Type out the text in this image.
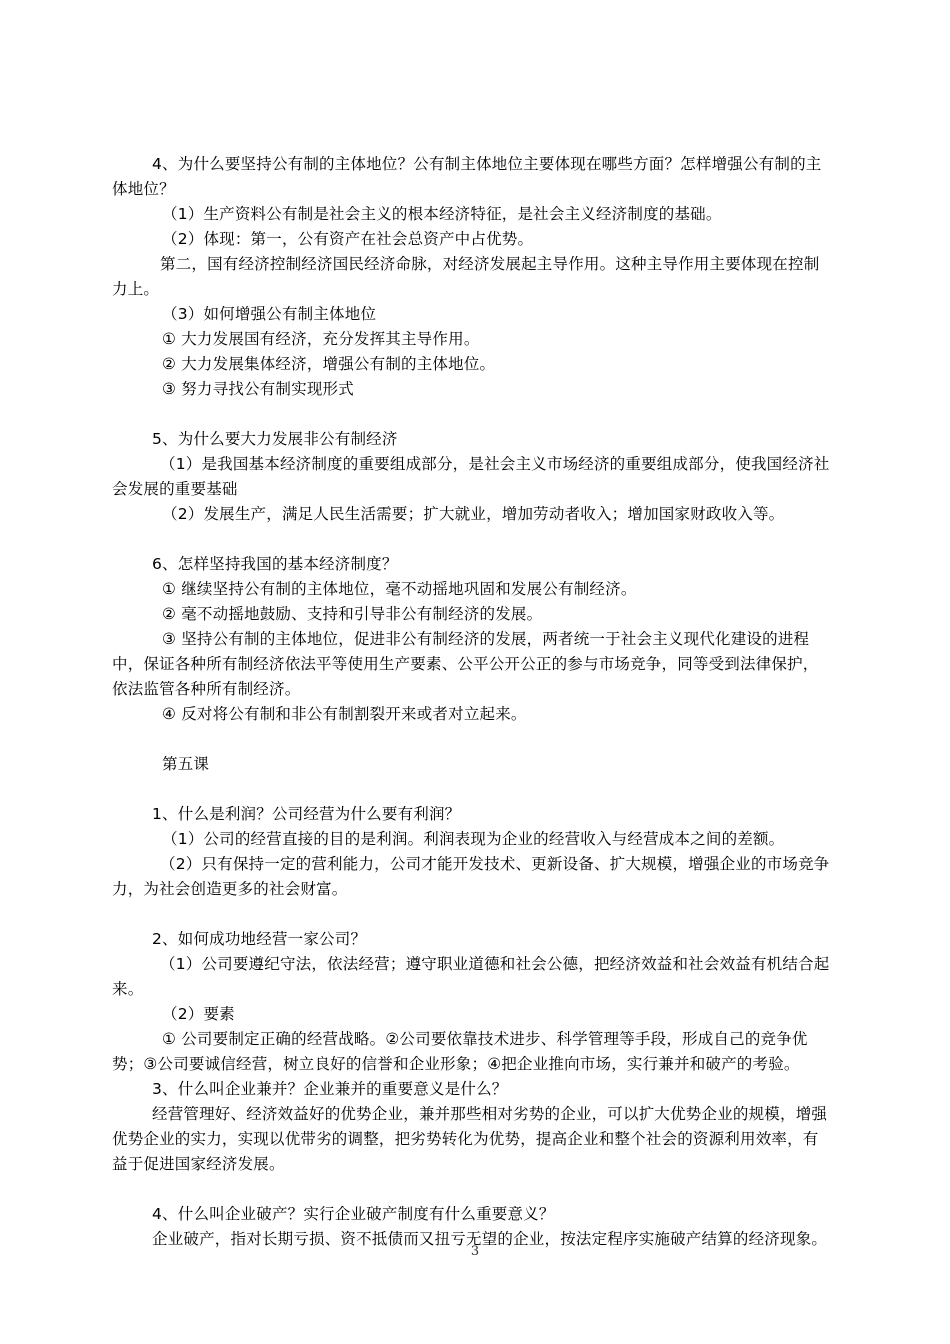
4、为什么要坚持公有制的主体地位？公有制主体地位主要体现在哪些方面？怎样增强公有制的主体地位？

（1）生产资料公有制是社会主义的根本经济特征，是社会主义经济制度的基础。

（2）体现：第一，公有资产在社会总资产中占优势。

第二，国有经济控制经济国民经济命脉，对经济发展起主导作用。这种主导作用主要体现在控制力上。

（3）如何增强公有制主体地位

① 大力发展国有经济，充分发挥其主导作用。

② 大力发展集体经济，增强公有制的主体地位。

③ 努力寻找公有制实现形式

5、为什么要大力发展非公有制经济

（1）是我国基本经济制度的重要组成部分，是社会主义市场经济的重要组成部分，使我国经济社会发展的重要基础

（2）发展生产，满足人民生活需要；扩大就业，增加劳动者收入；增加国家财政收入等。

6、怎样坚持我国的基本经济制度？

① 继续坚持公有制的主体地位，毫不动摇地巩固和发展公有制经济。

② 毫不动摇地鼓励、支持和引导非公有制经济的发展。

③ 坚持公有制的主体地位，促进非公有制经济的发展，两者统一于社会主义现代化建设的进程中，保证各种所有制经济依法平等使用生产要素、公平公开公正的参与市场竞争，同等受到法律保护，依法监管各种所有制经济。

④ 反对将公有制和非公有制割裂开来或者对立起来。

第五课

1、什么是利润？公司经营为什么要有利润？

（1）公司的经营直接的目的是利润。利润表现为企业的经营收入与经营成本之间的差额。

（2）只有保持一定的营利能力，公司才能开发技术、更新设备、扩大规模，增强企业的市场竞争力，为社会创造更多的社会财富。

2、如何成功地经营一家公司？

（1）公司要遵纪守法，依法经营；遵守职业道德和社会公德，把经济效益和社会效益有机结合起来。

（2）要素

① 公司要制定正确的经营战略。②公司要依靠技术进步、科学管理等手段，形成自己的竞争优势；③公司要诚信经营，树立良好的信誉和企业形象；④把企业推向市场，实行兼并和破产的考验。

3、什么叫企业兼并？企业兼并的重要意义是什么？

经营管理好、经济效益好的优势企业，兼并那些相对劣势的企业，可以扩大优势企业的规模，增强优势企业的实力，实现以优带劣的调整，把劣势转化为优势，提高企业和整个社会的资源利用效率，有益于促进国家经济发展。

4、什么叫企业破产？实行企业破产制度有什么重要意义？

企业破产，指对长期亏损、资不抵债而又扭亏无望的企业，按法定程序实施破产结算的经济现象。

3
